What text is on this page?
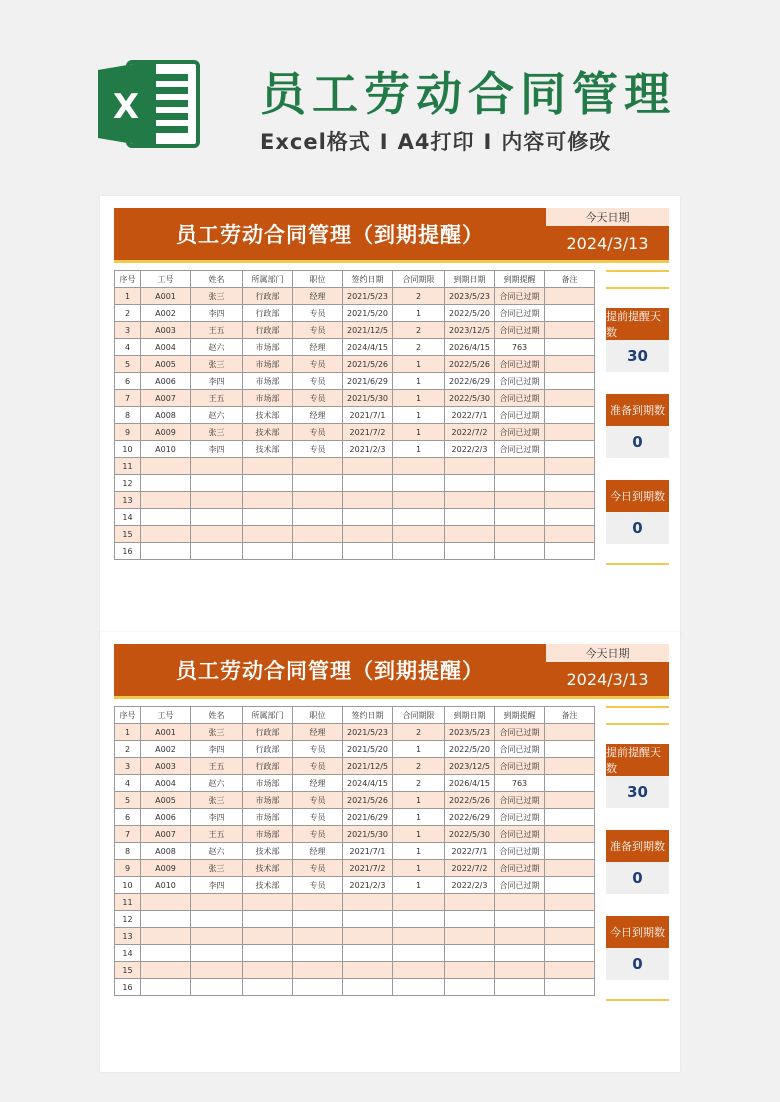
X	员工劳动合同管理
Excel格式 I A4打印 I 内容可修改
员工劳动合同管理（到期提醒）
今天日期
2024/3/13
序号	工号	姓名	所属部门	职位	签约日期	合同期限	到期日期	到期提醒	备注
1	A001	张三	行政部	经理	2021/5/23	2	2023/5/23	合同已过期	
2	A002	李四	行政部	专员	2021/5/20	1	2022/5/20	合同已过期	
3	A003	王五	行政部	专员	2021/12/5	2	2023/12/5	合同已过期	
4	A004	赵六	市场部	经理	2024/4/15	2	2026/4/15	763	
5	A005	张三	市场部	专员	2021/5/26	1	2022/5/26	合同已过期	
6	A006	李四	市场部	专员	2021/6/29	1	2022/6/29	合同已过期	
7	A007	王五	市场部	专员	2021/5/30	1	2022/5/30	合同已过期	
8	A008	赵六	技术部	经理	2021/7/1	1	2022/7/1	合同已过期	
9	A009	张三	技术部	专员	2021/7/2	1	2022/7/2	合同已过期	
10	A010	李四	技术部	专员	2021/2/3	1	2022/2/3	合同已过期	
11									
12									
13									
14									
15									
16									
提前提醒天数
30
准备到期数
0
今日到期数
0
员工劳动合同管理（到期提醒）
今天日期
2024/3/13
序号	工号	姓名	所属部门	职位	签约日期	合同期限	到期日期	到期提醒	备注
1	A001	张三	行政部	经理	2021/5/23	2	2023/5/23	合同已过期	
2	A002	李四	行政部	专员	2021/5/20	1	2022/5/20	合同已过期	
3	A003	王五	行政部	专员	2021/12/5	2	2023/12/5	合同已过期	
4	A004	赵六	市场部	经理	2024/4/15	2	2026/4/15	763	
5	A005	张三	市场部	专员	2021/5/26	1	2022/5/26	合同已过期	
6	A006	李四	市场部	专员	2021/6/29	1	2022/6/29	合同已过期	
7	A007	王五	市场部	专员	2021/5/30	1	2022/5/30	合同已过期	
8	A008	赵六	技术部	经理	2021/7/1	1	2022/7/1	合同已过期	
9	A009	张三	技术部	专员	2021/7/2	1	2022/7/2	合同已过期	
10	A010	李四	技术部	专员	2021/2/3	1	2022/2/3	合同已过期	
11									
12									
13									
14									
15									
16									
提前提醒天数
30
准备到期数
0
今日到期数
0
